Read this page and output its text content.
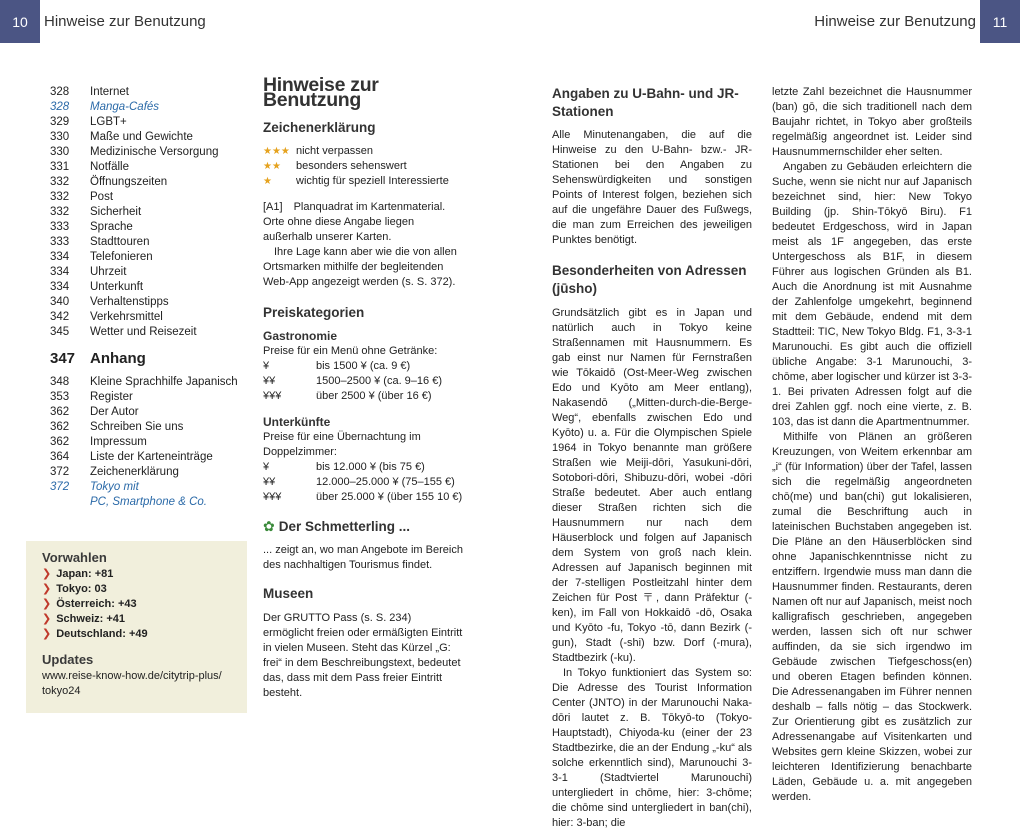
10	Hinweise zur Benutzung	Hinweise zur Benutzung	11
328	Internet
328	Manga-Cafés
329	LGBT+
330	Maße und Gewichte
330	Medizinische Versorgung
331	Notfälle
332	Öffnungszeiten
332	Post
332	Sicherheit
333	Sprache
333	Stadttouren
334	Telefonieren
334	Uhrzeit
334	Unterkunft
340	Verhaltenstipps
342	Verkehrsmittel
345	Wetter und Reisezeit
347 Anhang
348	Kleine Sprachhilfe Japanisch
353	Register
362	Der Autor
362	Schreiben Sie uns
362	Impressum
364	Liste der Karteneinträge
372	Zeichenerklärung
372	Tokyo mit
PC, Smartphone & Co.
Vorwahlen
❯ Japan: +81
❯ Tokyo: 03
❯ Österreich: +43
❯ Schweiz: +41
❯ Deutschland: +49
Updates
www.reise-know-how.de/citytrip-plus/
tokyo24
Hinweise zur Benutzung
Zeichenerklärung
★★★ nicht verpassen
★★ besonders sehenswert
★ wichtig für speziell Interessierte

[A1] Planquadrat im Kartenmaterial. Orte ohne diese Angabe liegen außerhalb unserer Karten.

 Ihre Lage kann aber wie die von allen Ortsmarken mithilfe der begleitenden Web-App angezeigt werden (s. S. 372).

Preiskategorien
Gastronomie

Preise für ein Menü ohne Getränke:

¥	bis 1500 ¥ (ca. 9 €)
¥¥	1500–2500 ¥ (ca. 9–16 €)
¥¥¥	über 2500 ¥ (über 16 €)
Unterkünfte

Preise für eine Übernachtung im Doppelzimmer:

¥	bis 12.000 ¥ (bis 75 €)
¥¥	12.000–25.000 ¥ (75–155 €)
¥¥¥	über 25.000 ¥ (über 155 10 €)
✿ Der Schmetterling ...

... zeigt an, wo man Angebote im Bereich des nachhaltigen Tourismus findet.

Museen

Der GRUTTO Pass (s. S. 234) ermöglicht freien oder ermäßigten Eintritt in vielen Museen. Steht das Kürzel „G: frei“ in dem Beschreibungstext, bedeutet das, dass mit dem Pass freier Eintritt besteht.

Angaben zu U-Bahn- und JR-Stationen

Alle Minutenangaben, die auf die Hinweise zu den U-Bahn- bzw.- JR-Stationen bei den Angaben zu Sehenswürdigkeiten und sonstigen Points of Interest folgen, beziehen sich auf die ungefähre Dauer des Fußwegs, die man zum Erreichen des jeweiligen Punktes benötigt.

Besonderheiten von Adressen (jūsho)

Grundsätzlich gibt es in Japan und natürlich auch in Tokyo keine Straßennamen mit Hausnummern. Es gab einst nur Namen für Fernstraßen wie Tōkaidō (Ost-Meer-Weg zwischen Edo und Kyōto am Meer entlang), Nakasendō („Mitten-durch-die-Berge-Weg“, ebenfalls zwischen Edo und Kyōto) u. a. Für die Olympischen Spiele 1964 in Tokyo benannte man größere Straßen wie Meiji-dōri, Yasukuni-dōri, Sotobori-dōri, Shibuzu-dōri, wobei -dōri Straße bedeutet. Aber auch entlang dieser Straßen richten sich die Hausnummern nur nach dem Häuserblock und folgen auf Japanisch dem System von groß nach klein. Adressen auf Japanisch beginnen mit der 7-stelligen Postleitzahl hinter dem Zeichen für Post 〒, dann Präfektur (-ken), im Fall von Hokkaidō -dō, Osaka und Kyōto -fu, Tokyo -tō, dann Bezirk (-gun), Stadt (-shi) bzw. Dorf (-mura), Stadtbezirk (-ku).

 In Tokyo funktioniert das System so: Die Adresse des Tourist Information Center (JNTO) in der Marunouchi Naka-dōri lautet z. B. Tōkyō-to (Tokyo-Hauptstadt), Chiyoda-ku (einer der 23 Stadtbezirke, die an der Endung „-ku“ als solche erkenntlich sind), Marunouchi 3-3-1 (Stadtviertel Marunouchi) untergliedert in chōme, hier: 3-chōme; die chōme sind untergliedert in ban(chi), hier: 3-ban; die

letzte Zahl bezeichnet die Hausnummer (ban) gō, die sich traditionell nach dem Baujahr richtet, in Tokyo aber großteils regelmäßig angeordnet ist. Leider sind Hausnummernschilder eher selten.

 Angaben zu Gebäuden erleichtern die Suche, wenn sie nicht nur auf Japanisch bezeichnet sind, hier: New Tokyo Building (jp. Shin-Tōkyō Biru). F1 bedeutet Erdgeschoss, wird in Japan meist als 1F angegeben, das erste Untergeschoss als B1F, in diesem Führer aus logischen Gründen als B1. Auch die Anordnung ist mit Ausnahme der Zahlenfolge umgekehrt, beginnend mit dem Gebäude, endend mit dem Stadtteil: TIC, New Tokyo Bldg. F1, 3-3-1 Marunouchi. Es gibt auch die offiziell übliche Angabe: 3-1 Marunouchi, 3-chōme, aber logischer und kürzer ist 3-3-1. Bei privaten Adressen folgt auf die drei Zahlen ggf. noch eine vierte, z. B. 103, das ist dann die Apartmentnummer.

 Mithilfe von Plänen an größeren Kreuzungen, von Weitem erkennbar am „i“ (für Information) über der Tafel, lassen sich die regelmäßig angeordneten chō(me) und ban(chi) gut lokalisieren, zumal die Beschriftung auch in lateinischen Buchstaben angegeben ist. Die Pläne an den Häuserblöcken sind ohne Japanischkenntnisse nicht zu entziffern. Irgendwie muss man dann die Hausnummer finden. Restaurants, deren Namen oft nur auf Japanisch, meist noch kalligrafisch geschrieben, angegeben werden, lassen sich oft nur schwer auffinden, da sie sich irgendwo im Gebäude zwischen Tiefgeschoss(en) und oberen Etagen befinden können. Die Adressenangaben im Führer nennen deshalb – falls nötig – das Stockwerk. Zur Orientierung gibt es zusätzlich zur Adressenangabe auf Visitenkarten und Websites gern kleine Skizzen, wobei zur leichteren Identifizierung benachbarte Läden, Gebäude u. a. mit angegeben werden.
